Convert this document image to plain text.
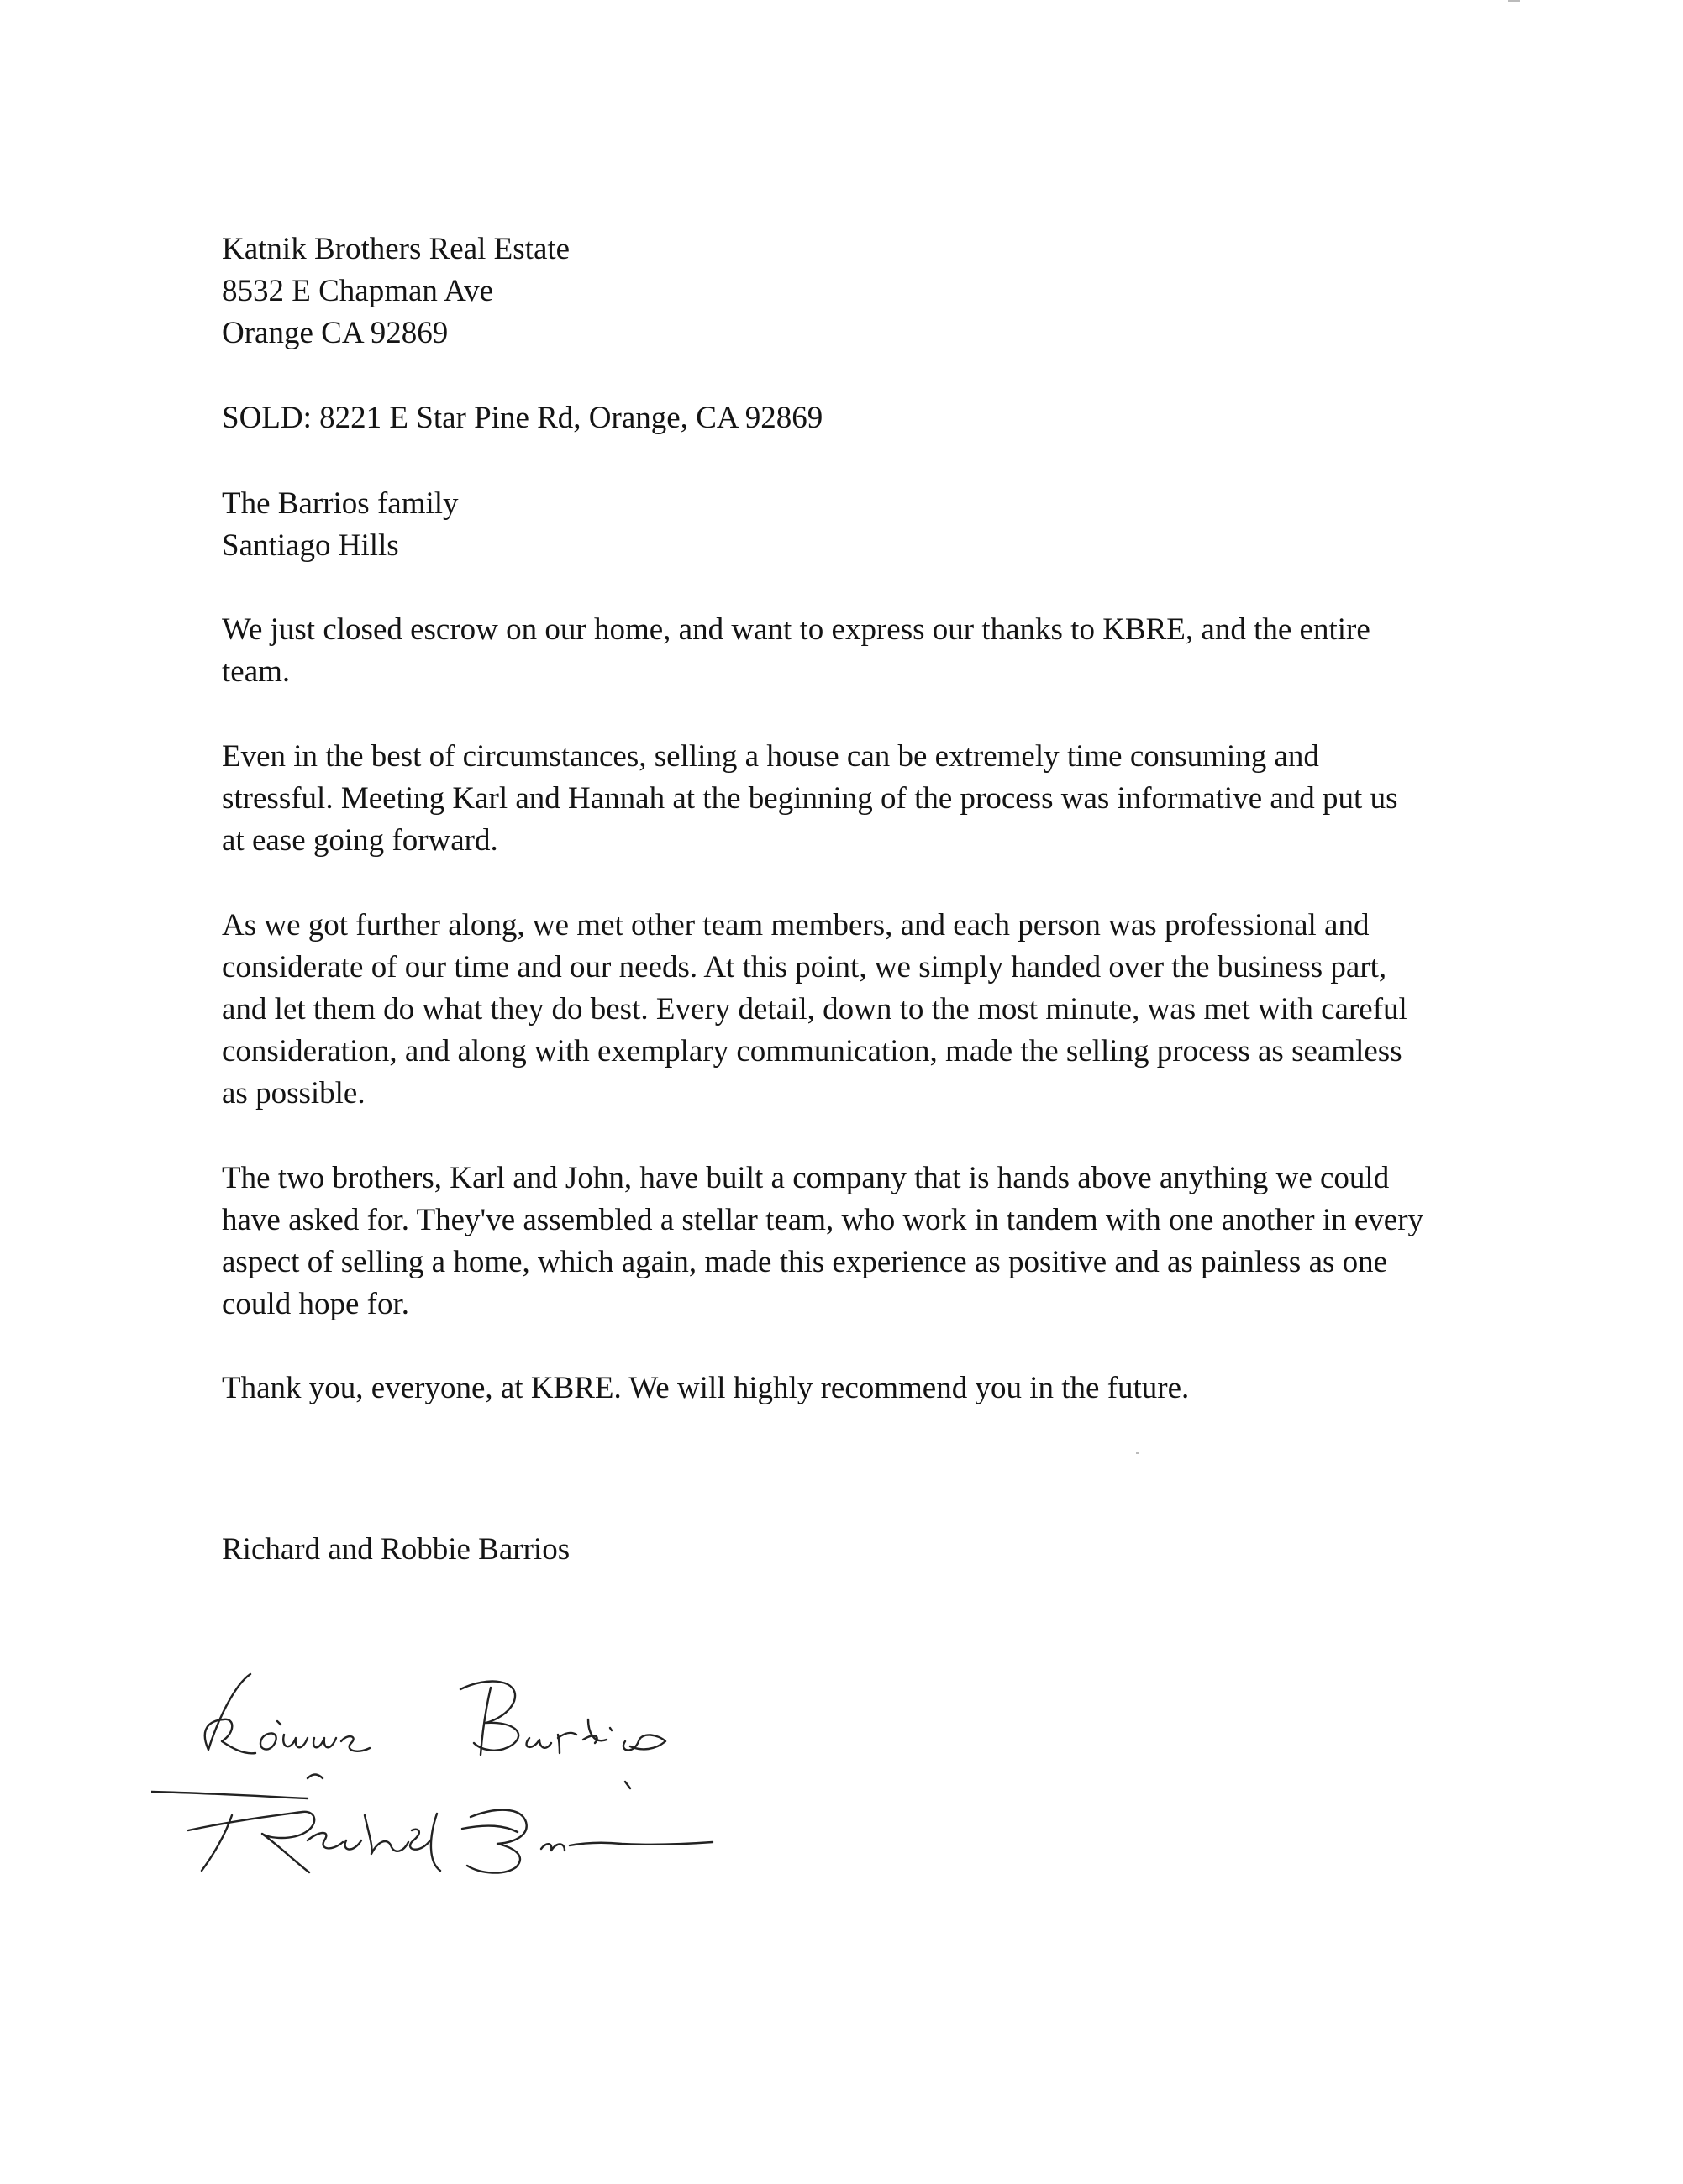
Katnik Brothers Real Estate
8532 E Chapman Ave
Orange CA 92869
SOLD: 8221 E Star Pine Rd, Orange, CA 92869
The Barrios family
Santiago Hills
We just closed escrow on our home, and want to express our thanks to KBRE, and the entire
team.
Even in the best of circumstances, selling a house can be extremely time consuming and
stressful. Meeting Karl and Hannah at the beginning of the process was informative and put us
at ease going forward.
As we got further along, we met other team members, and each person was professional and
considerate of our time and our needs. At this point, we simply handed over the business part,
and let them do what they do best. Every detail, down to the most minute, was met with careful
consideration, and along with exemplary communication, made the selling process as seamless
as possible.
The two brothers, Karl and John, have built a company that is hands above anything we could
have asked for. They've assembled a stellar team, who work in tandem with one another in every
aspect of selling a home, which again, made this experience as positive and as painless as one
could hope for.
Thank you, everyone, at KBRE. We will highly recommend you in the future.
Richard and Robbie Barrios
